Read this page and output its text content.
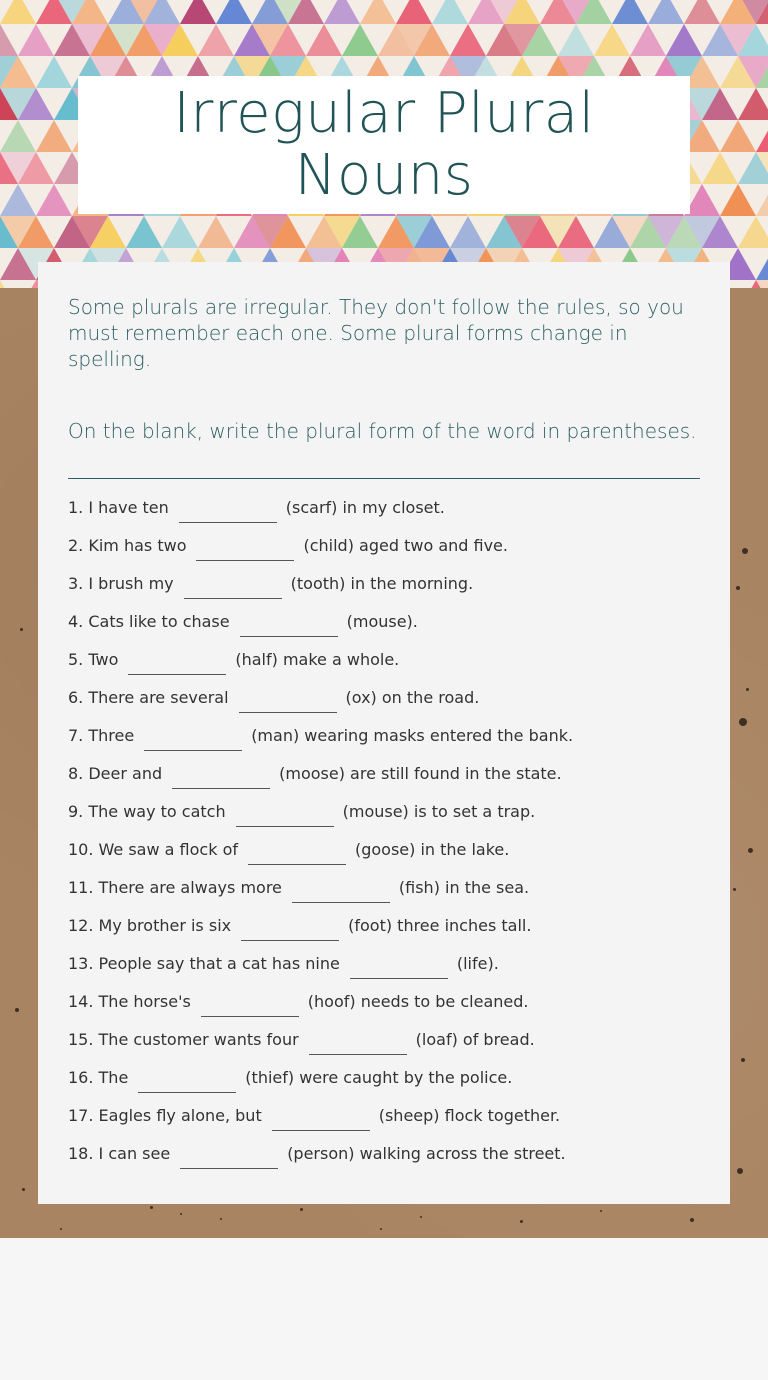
Irregular Plural Nouns

Some plurals are irregular. They don't follow the rules, so you must remember each one. Some plural forms change in spelling.

On the blank, write the plural form of the word in parentheses.

1. I have ten	(scarf) in my closet.
2. Kim has two	(child) aged two and five.
3. I brush my	(tooth) in the morning.
4. Cats like to chase	(mouse).
5. Two	(half) make a whole.
6. There are several	(ox) on the road.
7. Three	(man) wearing masks entered the bank.
8. Deer and	(moose) are still found in the state.
9. The way to catch	(mouse) is to set a trap.
10. We saw a flock of	(goose) in the lake.
11. There are always more	(fish) in the sea.
12. My brother is six	(foot) three inches tall.
13. People say that a cat has nine	(life).
14. The horse's	(hoof) needs to be cleaned.
15. The customer wants four	(loaf) of bread.
16. The	(thief) were caught by the police.
17. Eagles fly alone, but	(sheep) flock together.
18. I can see	(person) walking across the street.
